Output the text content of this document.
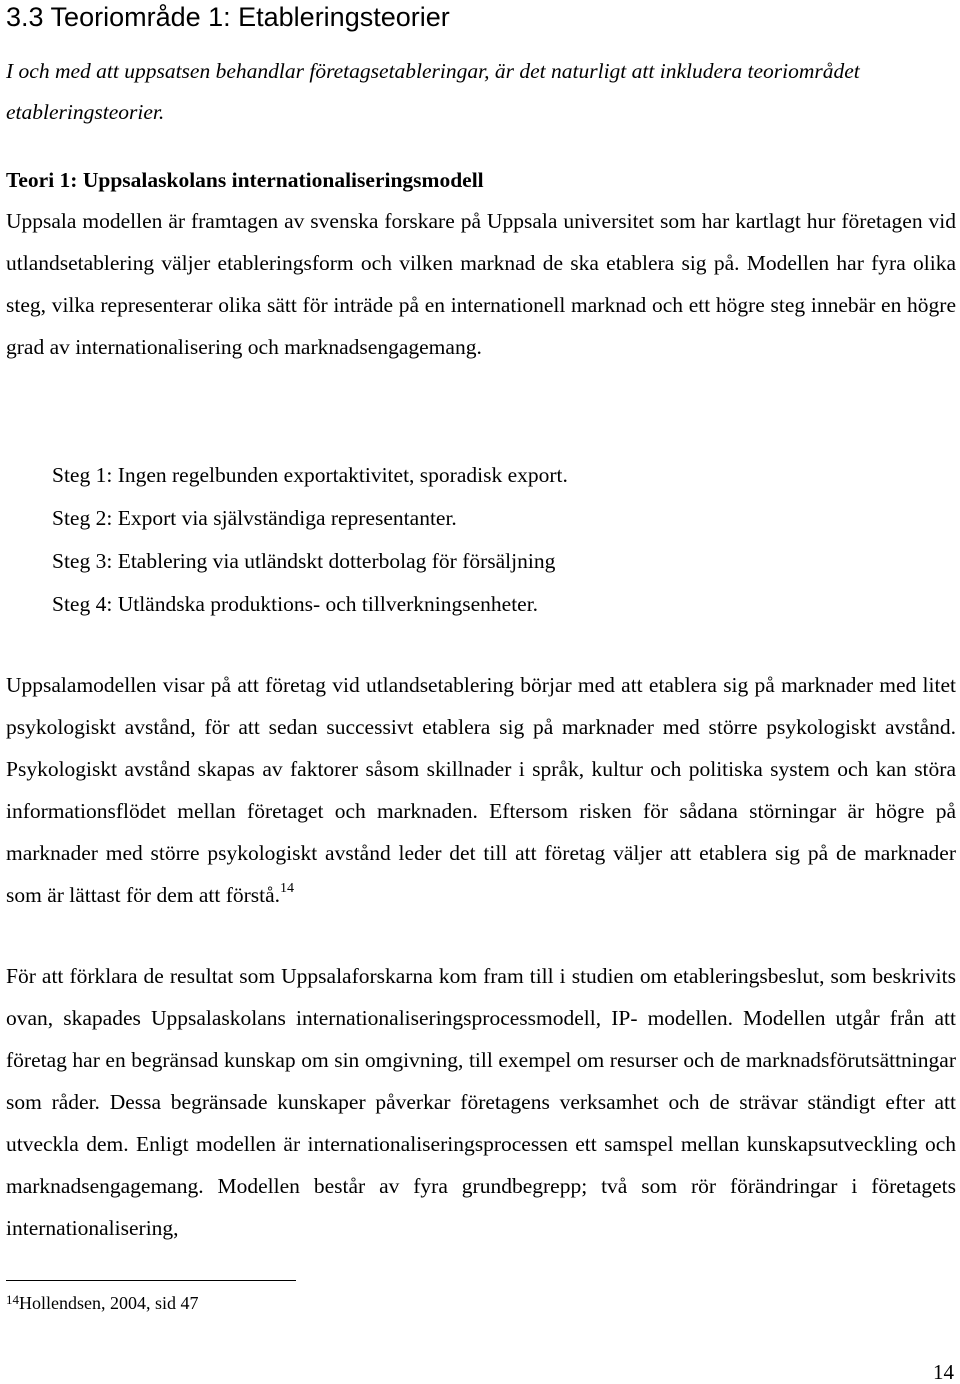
3.3 Teoriområde 1: Etableringsteorier

I och med att uppsatsen behandlar företagsetableringar, är det naturligt att inkludera teoriområdet etableringsteorier.

Teori 1: Uppsalaskolans internationaliseringsmodell

Uppsala modellen är framtagen av svenska forskare på Uppsala universitet som har kartlagt hur företagen vid utlandsetablering väljer etableringsform och vilken marknad de ska etablera sig på. Modellen har fyra olika steg, vilka representerar olika sätt för inträde på en internationell marknad och ett högre steg innebär en högre grad av internationalisering och marknadsengagemang.

Steg 1: Ingen regelbunden exportaktivitet, sporadisk export.
Steg 2: Export via självständiga representanter.
Steg 3: Etablering via utländskt dotterbolag för försäljning
Steg 4: Utländska produktions- och tillverkningsenheter.

Uppsalamodellen visar på att företag vid utlandsetablering börjar med att etablera sig på marknader med litet psykologiskt avstånd, för att sedan successivt etablera sig på marknader med större psykologiskt avstånd. Psykologiskt avstånd skapas av faktorer såsom skillnader i språk, kultur och politiska system och kan störa informationsflödet mellan företaget och marknaden. Eftersom risken för sådana störningar är högre på marknader med större psykologiskt avstånd leder det till att företag väljer att etablera sig på de marknader som är lättast för dem att förstå.$^{14}$

För att förklara de resultat som Uppsalaforskarna kom fram till i studien om etableringsbeslut, som beskrivits ovan, skapades Uppsalaskolans internationaliseringsprocessmodell, IP- modellen. Modellen utgår från att företag har en begränsad kunskap om sin omgivning, till exempel om resurser och de marknadsförutsättningar som råder. Dessa begränsade kunskaper påverkar företagens verksamhet och de strävar ständigt efter att utveckla dem. Enligt modellen är internationaliseringsprocessen ett samspel mellan kunskapsutveckling och marknadsengagemang. Modellen består av fyra grundbegrepp; två som rör förändringar i företagets internationalisering,

$^{14}$Hollendsen, 2004, sid 47
14
